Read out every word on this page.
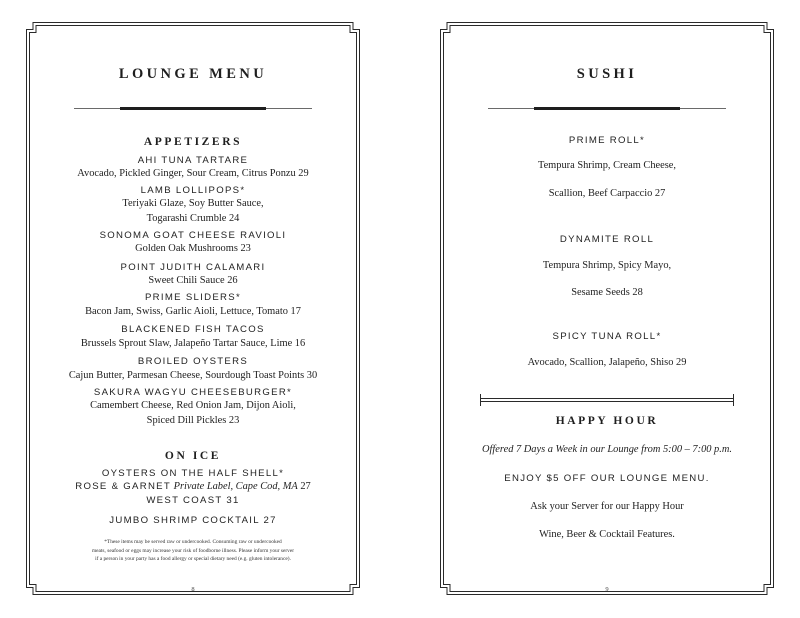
LOUNGE MENU
APPETIZERS
AHI TUNA TARTARE
Avocado, Pickled Ginger, Sour Cream, Citrus Ponzu 29
LAMB LOLLIPOPS*
Teriyaki Glaze, Soy Butter Sauce,
Togarashi Crumble 24
SONOMA GOAT CHEESE RAVIOLI
Golden Oak Mushrooms 23
POINT JUDITH CALAMARI
Sweet Chili Sauce 26
PRIME SLIDERS*
Bacon Jam, Swiss, Garlic Aioli, Lettuce, Tomato 17
BLACKENED FISH TACOS
Brussels Sprout Slaw, Jalapeño Tartar Sauce, Lime 16
BROILED OYSTERS
Cajun Butter, Parmesan Cheese, Sourdough Toast Points 30
SAKURA WAGYU CHEESEBURGER*
Camembert Cheese, Red Onion Jam, Dijon Aioli,
Spiced Dill Pickles 23
ON ICE
OYSTERS ON THE HALF SHELL*
ROSE & GARNET Private Label, Cape Cod, MA 27
WEST COAST 31
JUMBO SHRIMP COCKTAIL 27
*These items may be served raw or undercooked. Consuming raw or undercooked
meats, seafood or eggs may increase your risk of foodborne illness. Please inform your server
if a person in your party has a food allergy or special dietary need (e.g. gluten intolerance).
8
SUSHI
PRIME ROLL*
Tempura Shrimp, Cream Cheese,
Scallion, Beef Carpaccio 27
DYNAMITE ROLL
Tempura Shrimp, Spicy Mayo,
Sesame Seeds 28
SPICY TUNA ROLL*
Avocado, Scallion, Jalapeño, Shiso 29
HAPPY HOUR
Offered 7 Days a Week in our Lounge from 5:00 – 7:00 p.m.
ENJOY $5 OFF OUR LOUNGE MENU.
Ask your Server for our Happy Hour
Wine, Beer & Cocktail Features.
9
